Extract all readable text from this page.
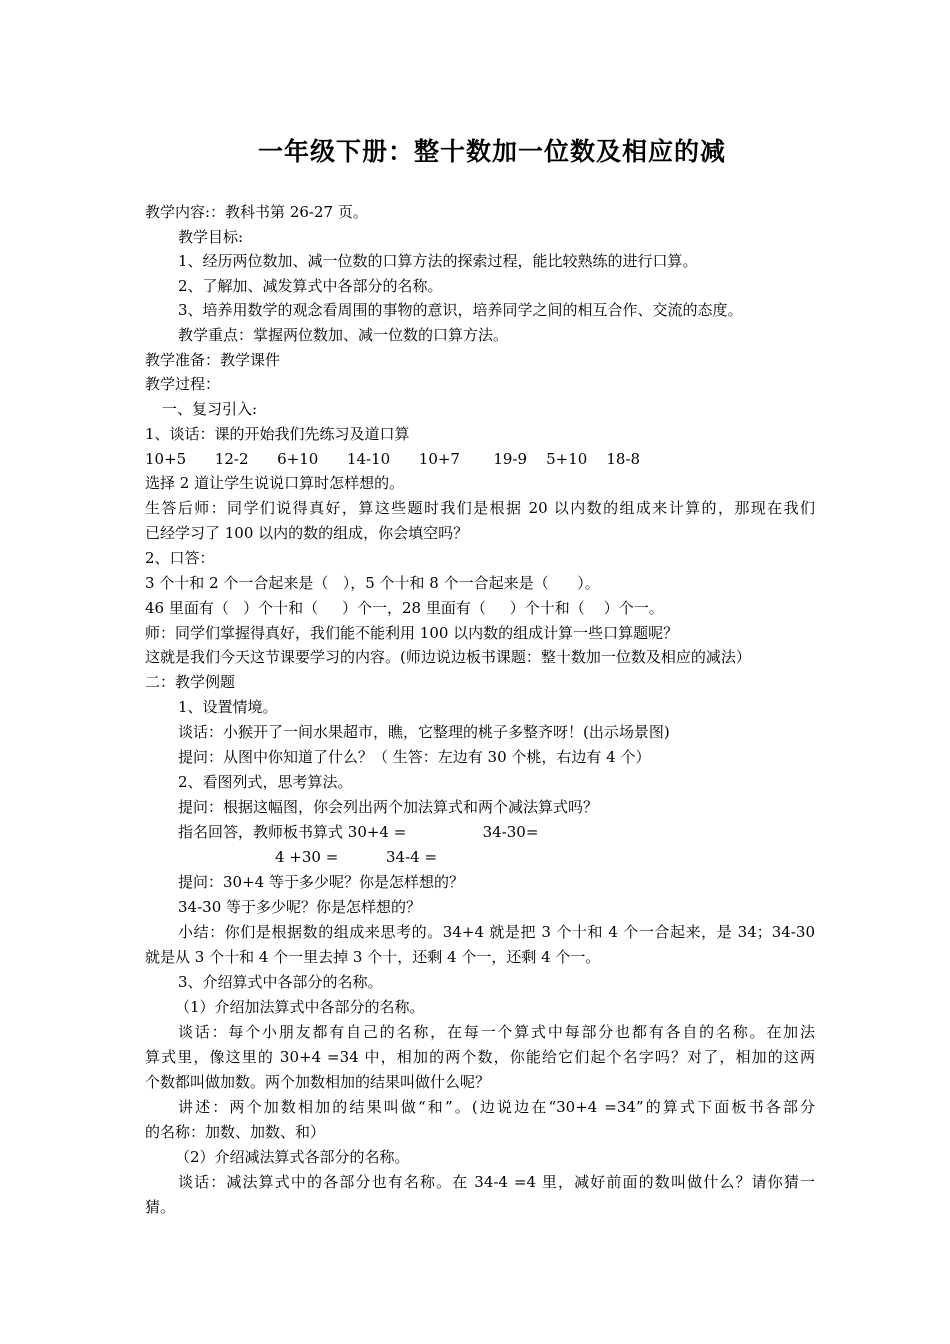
一年级下册：整十数加一位数及相应的减
教学内容:：教科书第 26-27 页。
教学目标:
1、经历两位数加、减一位数的口算方法的探索过程，能比较熟练的进行口算。
2、了解加、减发算式中各部分的名称。
3、培养用数学的观念看周围的事物的意识，培养同学之间的相互合作、交流的态度。
教学重点：掌握两位数加、减一位数的口算方法。
教学准备：教学课件
教学过程：
一、复习引入:
1、谈话：课的开始我们先练习及道口算
10+5      12-2      6+10      14-10      10+7       19-9    5+10    18-8
选择 2 道让学生说说口算时怎样想的。
生答后师：同学们说得真好，算这些题时我们是根据 20 以内数的组成来计算的，那现在我们
已经学习了 100 以内的数的组成，你会填空吗？
2、口答：
3 个十和 2 个一合起来是（   ），5 个十和 8 个一合起来是（      ）。
46 里面有（   ）个十和（     ）个一，28 里面有（     ）个十和（    ）个一。
师：同学们掌握得真好，我们能不能利用 100 以内数的组成计算一些口算题呢？
这就是我们今天这节课要学习的内容。(师边说边板书课题：整十数加一位数及相应的减法）
二：教学例题
1、设置情境。
谈话：小猴开了一间水果超市，瞧，它整理的桃子多整齐呀！(出示场景图)
提问：从图中你知道了什么？（ 生答：左边有 30 个桃，右边有 4 个）
2、看图列式，思考算法。
提问：根据这幅图，你会列出两个加法算式和两个减法算式吗？
指名回答，教师板书算式 30+4 =                34-30=
4 +30 =          34-4 =
提问：30+4 等于多少呢？你是怎样想的？
34-30 等于多少呢？你是怎样想的？
小结：你们是根据数的组成来思考的。34+4 就是把 3 个十和 4 个一合起来，是 34；34-30
就是从 3 个十和 4 个一里去掉 3 个十，还剩 4 个一，还剩 4 个一。
3、介绍算式中各部分的名称。
（1）介绍加法算式中各部分的名称。
谈话：每个小朋友都有自己的名称，在每一个算式中每部分也都有各自的名称。在加法
算式里，像这里的 30+4 =34 中，相加的两个数，你能给它们起个名字吗？对了，相加的这两
个数都叫做加数。两个加数相加的结果叫做什么呢？
讲述：两个加数相加的结果叫做“和”。(边说边在“30+4 =34”的算式下面板书各部分
的名称：加数、加数、和）
（2）介绍减法算式各部分的名称。
谈话：减法算式中的各部分也有名称。在 34-4 =4 里，减好前面的数叫做什么？请你猜一
猜。
